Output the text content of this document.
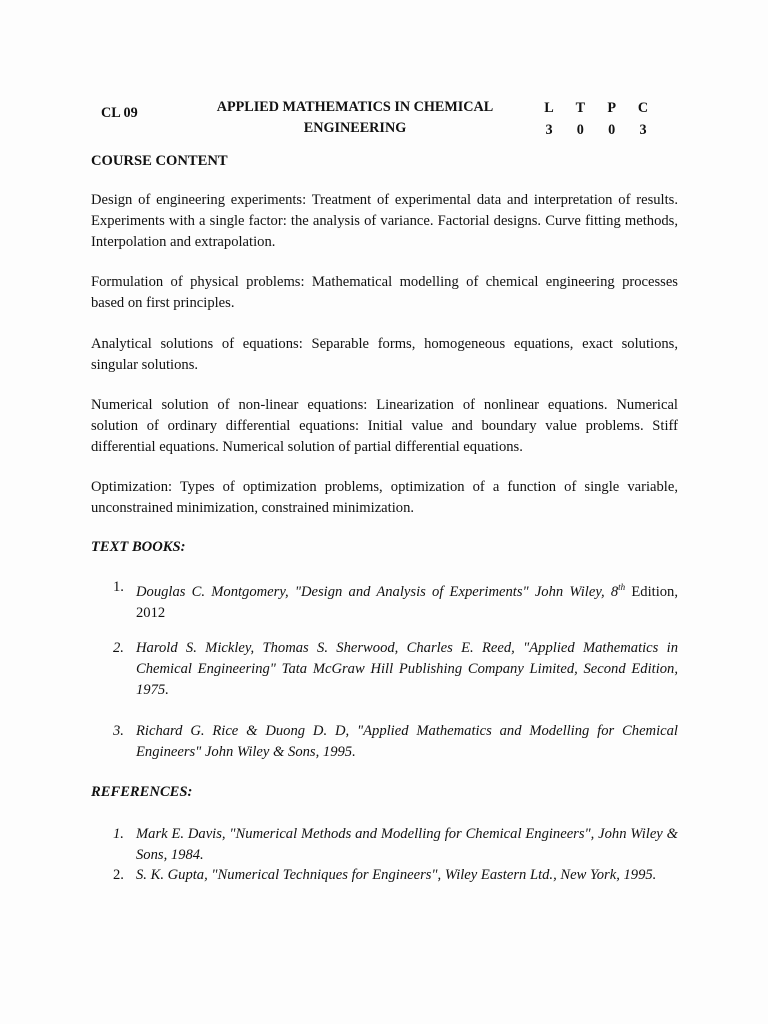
CL 09	APPLIED MATHEMATICS IN CHEMICAL
ENGINEERING
L	T	P	C
3	0	0	3
COURSE CONTENT
Design of engineering experiments: Treatment of experimental data and interpretation of results. Experiments with a single factor: the analysis of variance. Factorial designs. Curve fitting methods, Interpolation and extrapolation.
Formulation of physical problems: Mathematical modelling of chemical engineering processes based on first principles.
Analytical solutions of equations: Separable forms, homogeneous equations, exact solutions, singular solutions.
Numerical solution of non-linear equations: Linearization of nonlinear equations. Numerical solution of ordinary differential equations: Initial value and boundary value problems. Stiff differential equations. Numerical solution of partial differential equations.
Optimization: Types of optimization problems, optimization of a function of single variable, unconstrained minimization, constrained minimization.
TEXT BOOKS:
1. Douglas C. Montgomery, "Design and Analysis of Experiments" John Wiley, 8th Edition, 2012
2. Harold S. Mickley, Thomas S. Sherwood, Charles E. Reed, "Applied Mathematics in Chemical Engineering" Tata McGraw Hill Publishing Company Limited, Second Edition, 1975.
3. Richard G. Rice & Duong D. D, "Applied Mathematics and Modelling for Chemical Engineers" John Wiley & Sons, 1995.
REFERENCES:
1. Mark E. Davis, "Numerical Methods and Modelling for Chemical Engineers", John Wiley & Sons, 1984.
2. S. K. Gupta, "Numerical Techniques for Engineers", Wiley Eastern Ltd., New York, 1995.
